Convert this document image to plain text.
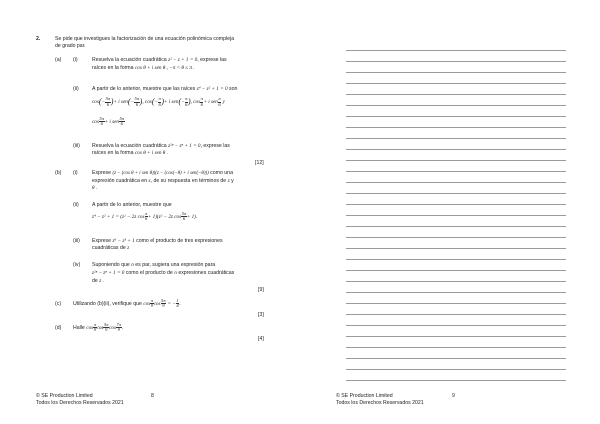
2.	Se pide que investigues la factorización de una ecuación polinómica compleja
de grado par.
(a) (i)	Resuelva la ecuación cuadrática z² − z + 1 = 0, exprese las
raíces en la forma cos θ + i sen θ , −π < θ ≤ π .
(ii)	A partir de lo anterior, muestre que las raíces z⁴ − z² + 1 = 0 son
$\cos(- \frac{5\pi}{6}$ )+ i $sen(- \frac{5\pi}{6}$ ), $\cos(- \frac{\pi}{6}$ )+ i $sen(- \frac{\pi}{6}$ ), $\cos \frac{\pi}{6} + i$ sen $\frac{\pi}{6}$ y
$\cos \frac{5\pi}{6} + i$ sen $\frac{5\pi}{6}$
(iii) Resuelva la ecuación cuadrática z²ⁿ − zⁿ + 1 = 0, exprese las
raíces en la forma cos θ + i sen θ .
[12]
(b) (i)	Exprese (z − (cos θ + i sen θ))(z − (cos(−θ) + i sen(−θ))) como una
expresión cuadrática en z, de su respuesta en términos de z y
θ .
(ii)	A partir de lo anterior, muestre que
z⁴ − z² + 1 = (z² − 2z $\cos \frac{\pi}{6} + 1)(z^2 - 2z$ $\cos \frac{5\pi}{6} + 1$).
(iii) Exprese z⁶ − z³ + 1 como el producto de tres expresiones
cuadráticas de z
(iv) Suponiendo que n es par, sugiera una expresión para
z²ⁿ − zⁿ + 1 = 0 como el producto de n expresiones cuadráticas
de z .
[9]
(c) Utilizando (b)(ii), verifique que $\cos \frac{\pi}{9}$ $\cos \frac{5\pi}{9}$ = − $\frac{1}{4}$ .
[3]
(d) Halle $\cos \frac{\pi}{9}$ $\cos \frac{5\pi}{9}$ $\cos \frac{7\pi}{9}$ .
[4]
© SE Production Limited
Todos los Derechos Reservados 2021
8	© SE Production Limited
Todos los Derechos Reservados 2021
9
